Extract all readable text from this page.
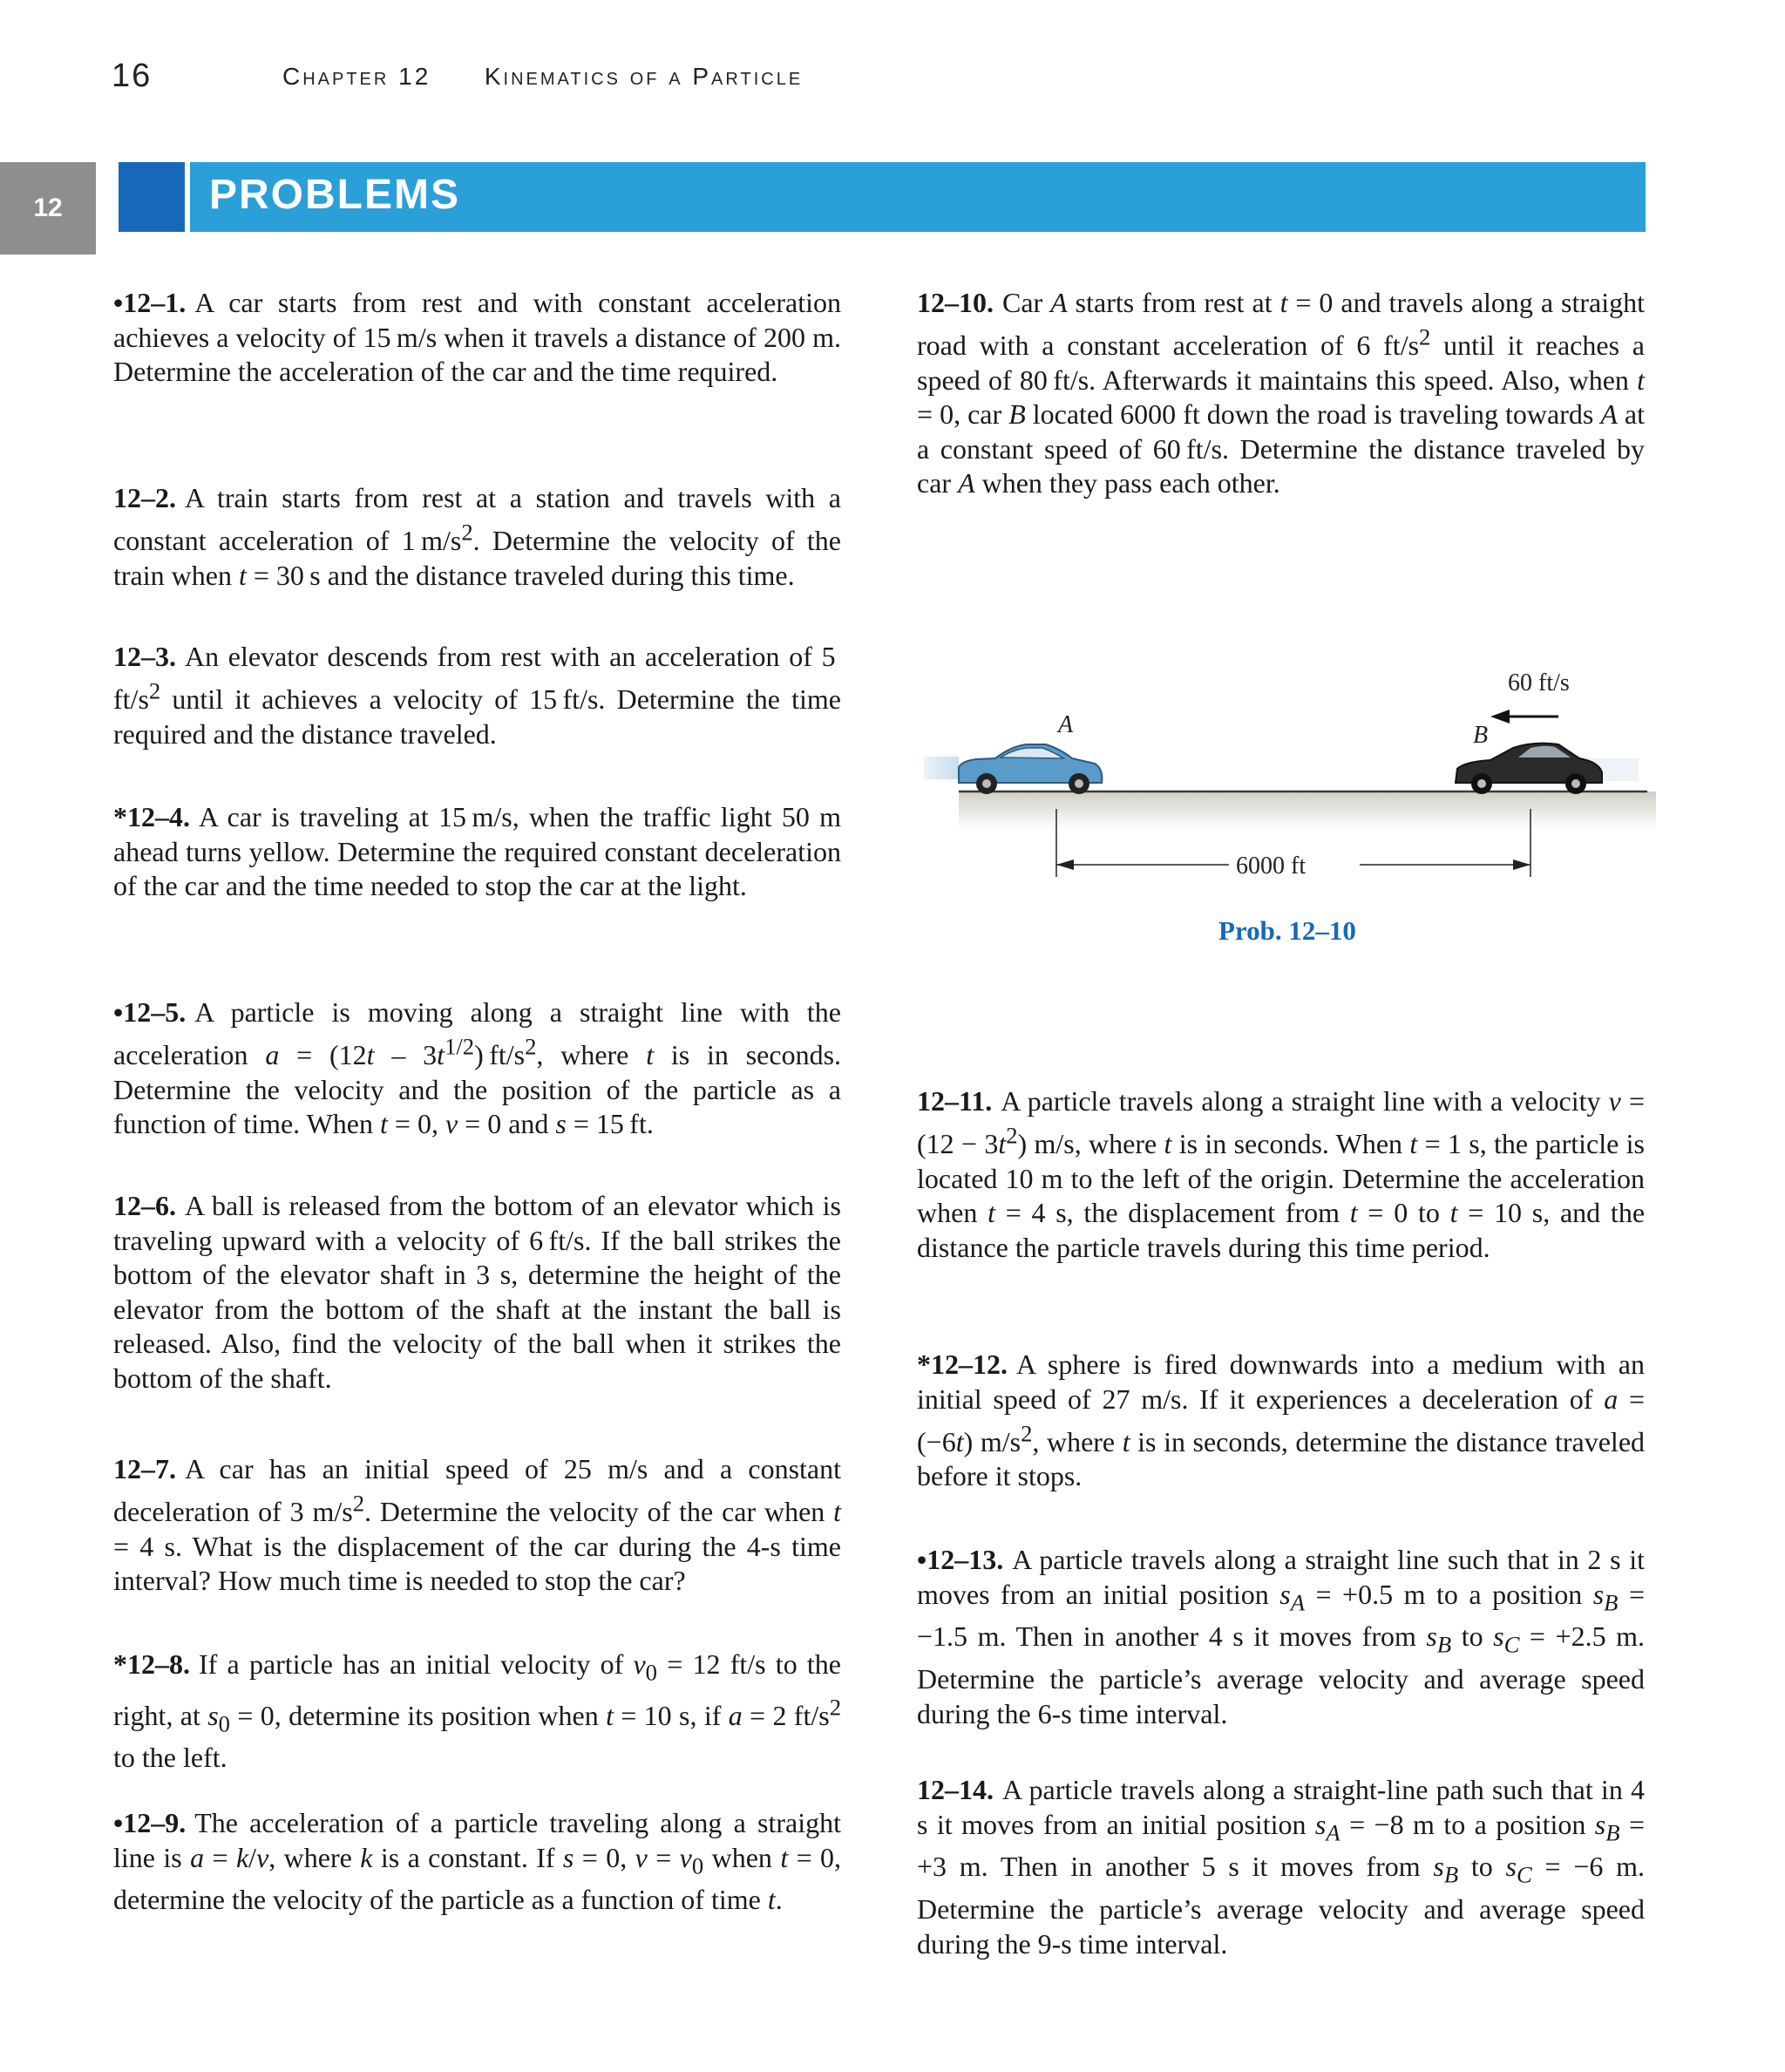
16	Chapter 12 Kinematics of a Particle
12	PROBLEMS
•12–1. A car starts from rest and with constant acceleration achieves a velocity of 15 m/s when it travels a distance of 200 m. Determine the acceleration of the car and the time required.
12–2. A train starts from rest at a station and travels with a constant acceleration of 1 $m/s^2$. Determine the velocity of the train when t = 30 s and the distance traveled during this time.
12–3. An elevator descends from rest with an acceleration of 5 $ft/s^2$ until it achieves a velocity of 15 ft/s. Determine the time required and the distance traveled.
*12–4. A car is traveling at 15 m/s, when the traffic light 50 m ahead turns yellow. Determine the required constant deceleration of the car and the time needed to stop the car at the light.
•12–5. A particle is moving along a straight line with the acceleration $a = (12t - 3t^{1/2})$ $ft/s^2$, where t is in seconds. Determine the velocity and the position of the particle as a function of time. When t = 0, v = 0 and s = 15 ft.
12–6. A ball is released from the bottom of an elevator which is traveling upward with a velocity of 6 ft/s. If the ball strikes the bottom of the elevator shaft in 3 s, determine the height of the elevator from the bottom of the shaft at the instant the ball is released. Also, find the velocity of the ball when it strikes the bottom of the shaft.
12–7. A car has an initial speed of 25 m/s and a constant deceleration of 3 $m/s^2$. Determine the velocity of the car when t = 4 s. What is the displacement of the car during the 4-s time interval? How much time is needed to stop the car?
*12–8. If a particle has an initial velocity of $v_0 = 12$ ft/s to the right, at $s_0 = 0$, determine its position when t = 10 s, if a = 2 $ft/s^2$ to the left.
•12–9. The acceleration of a particle traveling along a straight line is a = k/v, where k is a constant. If s = 0, $v = v_0$ when t = 0, determine the velocity of the particle as a function of time t.
12–10. Car A starts from rest at t = 0 and travels along a straight road with a constant acceleration of 6 $ft/s^2$ until it reaches a speed of 80 ft/s. Afterwards it maintains this speed. Also, when t = 0, car B located 6000 ft down the road is traveling towards A at a constant speed of 60 ft/s. Determine the distance traveled by car A when they pass each other.
A	B
60 ft/s
6000 ft
Prob. 12–10
12–11. A particle travels along a straight line with a velocity $v = (12 - 3t^2)$ m/s, where t is in seconds. When t = 1 s, the particle is located 10 m to the left of the origin. Determine the acceleration when t = 4 s, the displacement from t = 0 to t = 10 s, and the distance the particle travels during this time period.
*12–12. A sphere is fired downwards into a medium with an initial speed of 27 m/s. If it experiences a deceleration of a = (−6t) $m/s^2$, where t is in seconds, determine the distance traveled before it stops.
•12–13. A particle travels along a straight line such that in 2 s it moves from an initial position $s_A = +0.5$ m to a position $s_B = -1.5$ m. Then in another 4 s it moves from $s_B$ to $s_C = +2.5$ m. Determine the particle’s average velocity and average speed during the 6-s time interval.
12–14. A particle travels along a straight-line path such that in 4 s it moves from an initial position $s_A = -8$ m to a position $s_B = +3$ m. Then in another 5 s it moves from $s_B$ to $s_C = -6$ m. Determine the particle’s average velocity and average speed during the 9-s time interval.
